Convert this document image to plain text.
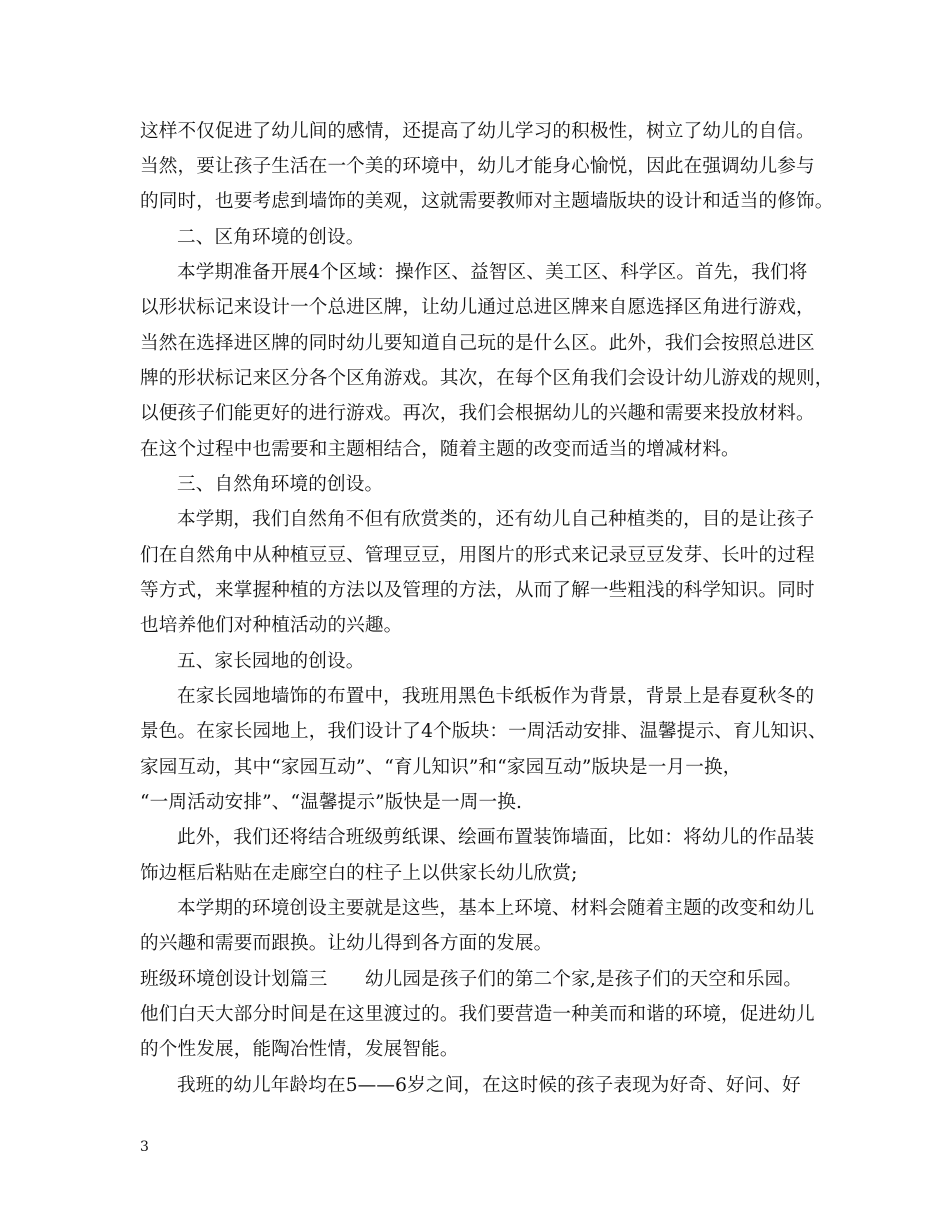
这样不仅促进了幼儿间的感情，还提高了幼儿学习的积极性，树立了幼儿的自信。
当然，要让孩子生活在一个美的环境中，幼儿才能身心愉悦，因此在强调幼儿参与
的同时，也要考虑到墙饰的美观，这就需要教师对主题墙版块的设计和适当的修饰。
二、区角环境的创设。
本学期准备开展4个区域：操作区、益智区、美工区、科学区。首先，我们将
以形状标记来设计一个总进区牌，让幼儿通过总进区牌来自愿选择区角进行游戏，
当然在选择进区牌的同时幼儿要知道自己玩的是什么区。此外，我们会按照总进区
牌的形状标记来区分各个区角游戏。其次，在每个区角我们会设计幼儿游戏的规则，
以便孩子们能更好的进行游戏。再次，我们会根据幼儿的兴趣和需要来投放材料。
在这个过程中也需要和主题相结合，随着主题的改变而适当的增减材料。
三、自然角环境的创设。
本学期，我们自然角不但有欣赏类的，还有幼儿自己种植类的，目的是让孩子
们在自然角中从种植豆豆、管理豆豆，用图片的形式来记录豆豆发芽、长叶的过程
等方式，来掌握种植的方法以及管理的方法，从而了解一些粗浅的科学知识。同时
也培养他们对种植活动的兴趣。
五、家长园地的创设。
在家长园地墙饰的布置中，我班用黑色卡纸板作为背景，背景上是春夏秋冬的
景色。在家长园地上，我们设计了4个版块：一周活动安排、温馨提示、育儿知识、
家园互动，其中“家园互动”、“育儿知识”和“家园互动”版块是一月一换，
“一周活动安排”、“温馨提示”版快是一周一换.
此外，我们还将结合班级剪纸课、绘画布置装饰墙面，比如：将幼儿的作品装
饰边框后粘贴在走廊空白的柱子上以供家长幼儿欣赏;
本学期的环境创设主要就是这些，基本上环境、材料会随着主题的改变和幼儿
的兴趣和需要而跟换。让幼儿得到各方面的发展。
班级环境创设计划篇三　　幼儿园是孩子们的第二个家,是孩子们的天空和乐园。
他们白天大部分时间是在这里渡过的。我们要营造一种美而和谐的环境，促进幼儿
的个性发展，能陶冶性情，发展智能。
我班的幼儿年龄均在5——6岁之间，在这时候的孩子表现为好奇、好问、好
3
